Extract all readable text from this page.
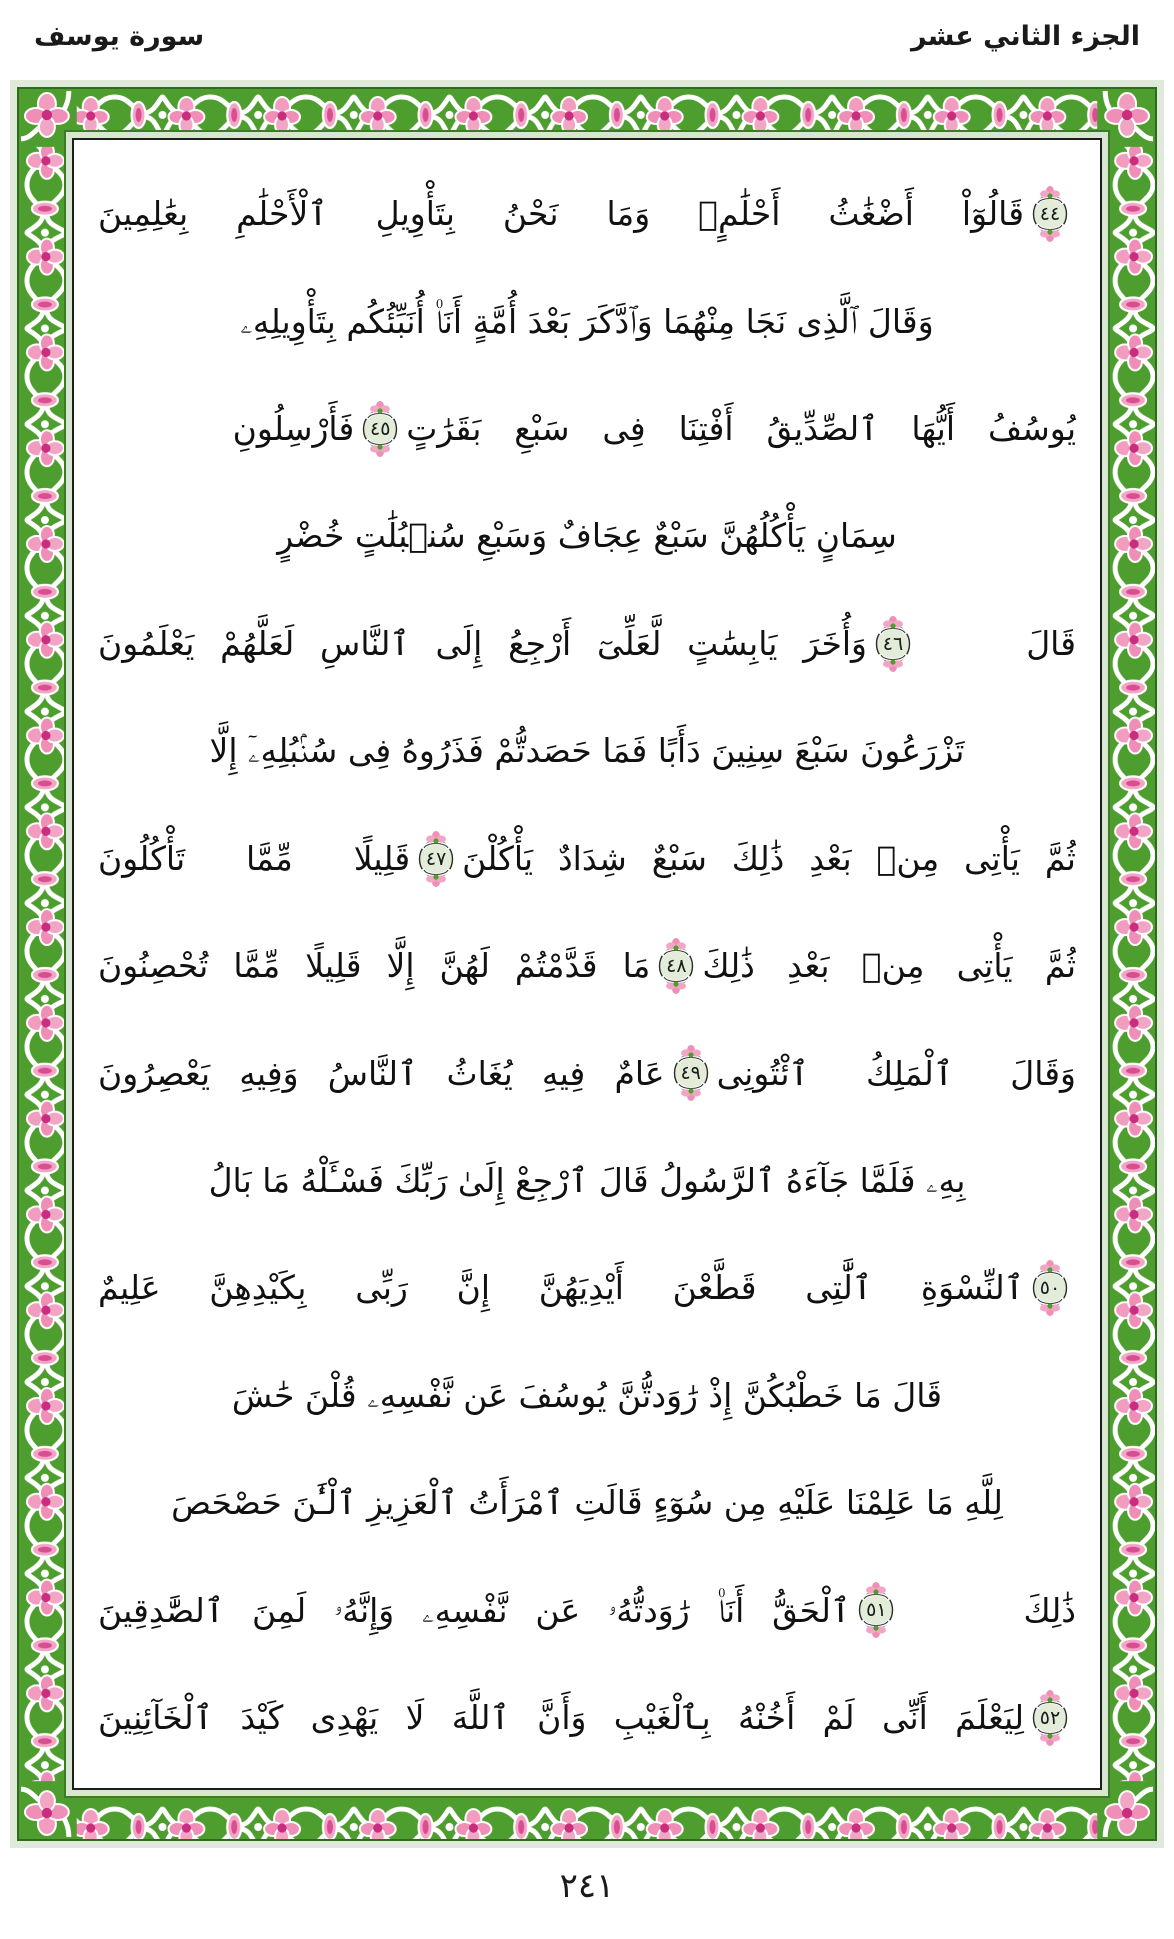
سورة يوسف	الجزء الثاني عشر
٤٤
قَالُوٓاْ أَضْغَٰثُ أَحْلَٰمٍۖ وَمَا نَحْنُ بِتَأْوِيلِ ٱلْأَحْلَٰمِ بِعَٰلِمِينَ
وَقَالَ ٱلَّذِى نَجَا مِنْهُمَا وَٱدَّكَرَ بَعْدَ أُمَّةٍ أَنَا۠ أُنَبِّئُكُم بِتَأْوِيلِهِۦ
يُوسُفُ أَيُّهَا ٱلصِّدِّيقُ أَفْتِنَا فِى سَبْعِ بَقَرَٰتٍ
٤٥
فَأَرْسِلُونِ
سِمَانٍ يَأْكُلُهُنَّ سَبْعٌ عِجَافٌ وَسَبْعِ سُنۢبُلَٰتٍ خُضْرٍ
قَالَ
٤٦
وَأُخَرَ يَابِسَٰتٍ لَّعَلِّىٓ أَرْجِعُ إِلَى ٱلنَّاسِ لَعَلَّهُمْ يَعْلَمُونَ
تَزْرَعُونَ سَبْعَ سِنِينَ دَأَبًا فَمَا حَصَدتُّمْ فَذَرُوهُ فِى سُنۢبُلِهِۦٓ إِلَّا
ثُمَّ يَأْتِى مِنۢ بَعْدِ ذَٰلِكَ سَبْعٌ شِدَادٌ يَأْكُلْنَ
٤٧
قَلِيلًا مِّمَّا تَأْكُلُونَ
ثُمَّ يَأْتِى مِنۢ بَعْدِ ذَٰلِكَ
٤٨
مَا قَدَّمْتُمْ لَهُنَّ إِلَّا قَلِيلًا مِّمَّا تُحْصِنُونَ
وَقَالَ ٱلْمَلِكُ ٱئْتُونِى
٤٩
عَامٌ فِيهِ يُغَاثُ ٱلنَّاسُ وَفِيهِ يَعْصِرُونَ
بِهِۦ فَلَمَّا جَآءَهُ ٱلرَّسُولُ قَالَ ٱرْجِعْ إِلَىٰ رَبِّكَ فَسْـَٔلْهُ مَا بَالُ
٥٠
ٱلنِّسْوَةِ ٱلَّٰتِى قَطَّعْنَ أَيْدِيَهُنَّ إِنَّ رَبِّى بِكَيْدِهِنَّ عَلِيمٌ
قَالَ مَا خَطْبُكُنَّ إِذْ رَٰوَدتُّنَّ يُوسُفَ عَن نَّفْسِهِۦ قُلْنَ حَٰشَ
لِلَّهِ مَا عَلِمْنَا عَلَيْهِ مِن سُوٓءٍ قَالَتِ ٱمْرَأَتُ ٱلْعَزِيزِ ٱلْـَٰٔنَ حَصْحَصَ
ذَٰلِكَ
٥١
ٱلْحَقُّ أَنَا۠ رَٰوَدتُّهُۥ عَن نَّفْسِهِۦ وَإِنَّهُۥ لَمِنَ ٱلصَّٰدِقِينَ
٥٢
لِيَعْلَمَ أَنِّى لَمْ أَخُنْهُ بِٱلْغَيْبِ وَأَنَّ ٱللَّهَ لَا يَهْدِى كَيْدَ ٱلْخَآئِنِينَ
٢٤١
